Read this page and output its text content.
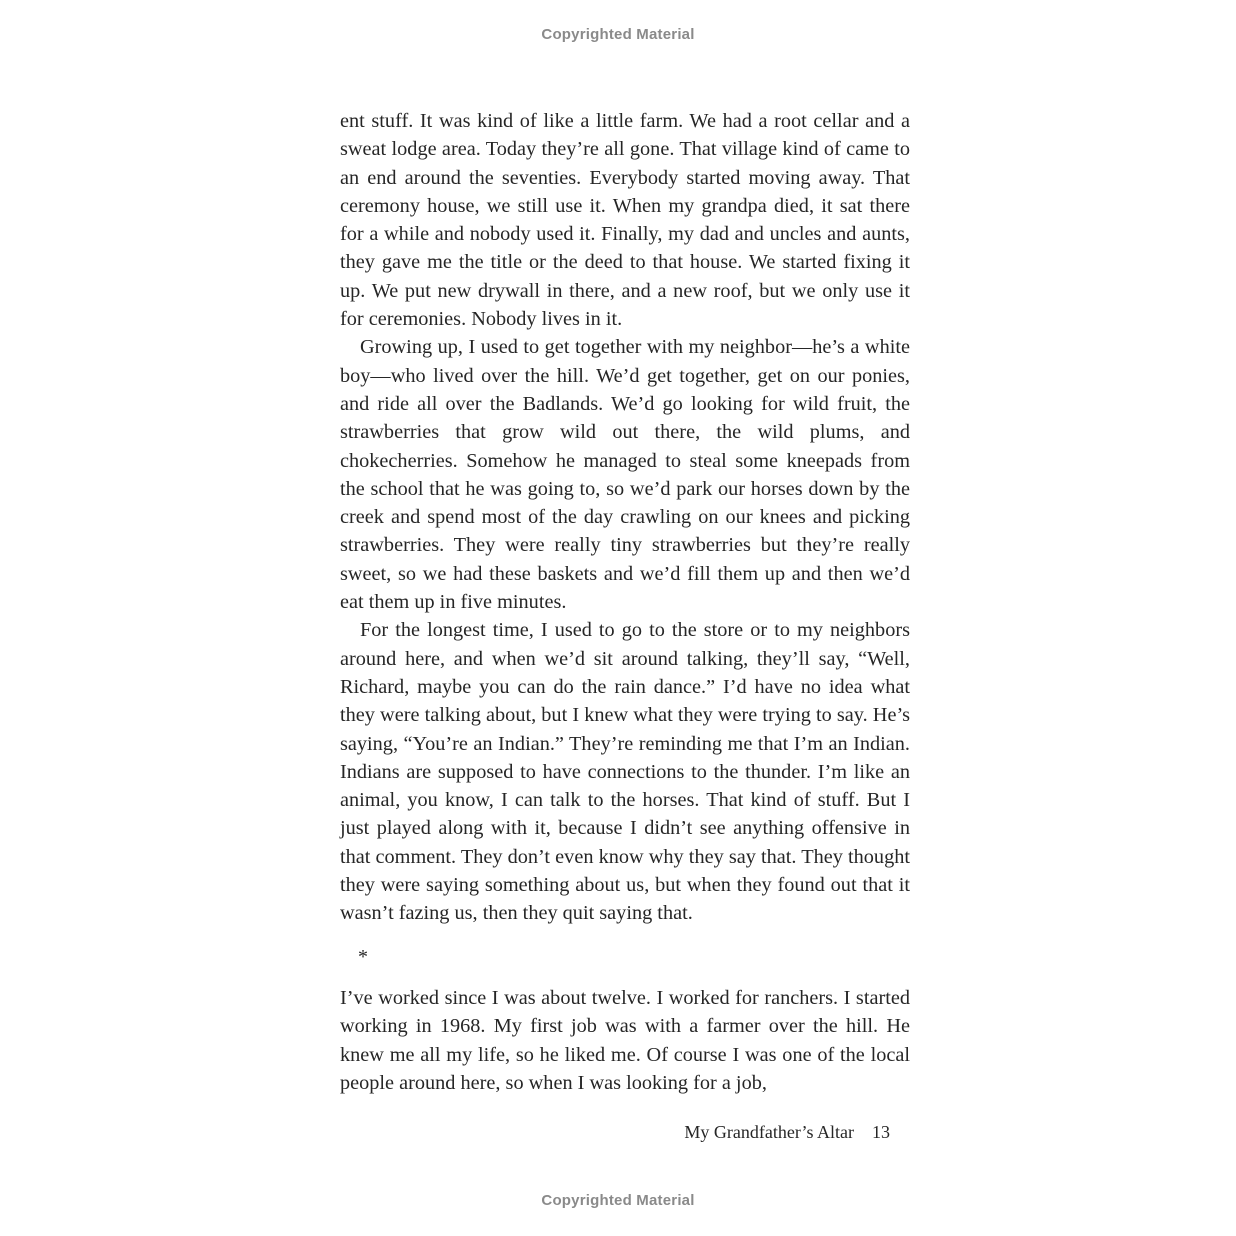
Copyrighted Material

ent stuff. It was kind of like a little farm. We had a root cellar and a sweat lodge area. Today they’re all gone. That village kind of came to an end around the seventies. Everybody started moving away. That ceremony house, we still use it. When my grandpa died, it sat there for a while and nobody used it. Finally, my dad and uncles and aunts, they gave me the title or the deed to that house. We started fixing it up. We put new drywall in there, and a new roof, but we only use it for ceremonies. Nobody lives in it.

Growing up, I used to get together with my neighbor—he’s a white boy—who lived over the hill. We’d get together, get on our ponies, and ride all over the Badlands. We’d go looking for wild fruit, the strawberries that grow wild out there, the wild plums, and chokecherries. Somehow he managed to steal some kneepads from the school that he was going to, so we’d park our horses down by the creek and spend most of the day crawling on our knees and picking strawberries. They were really tiny strawberries but they’re really sweet, so we had these baskets and we’d fill them up and then we’d eat them up in five minutes.

For the longest time, I used to go to the store or to my neighbors around here, and when we’d sit around talking, they’ll say, “Well, Richard, maybe you can do the rain dance.” I’d have no idea what they were talking about, but I knew what they were trying to say. He’s saying, “You’re an Indian.” They’re reminding me that I’m an Indian. Indians are supposed to have connections to the thunder. I’m like an animal, you know, I can talk to the horses. That kind of stuff. But I just played along with it, because I didn’t see anything offensive in that comment. They don’t even know why they say that. They thought they were saying something about us, but when they found out that it wasn’t fazing us, then they quit saying that.

*

I’ve worked since I was about twelve. I worked for ranchers. I started working in 1968. My first job was with a farmer over the hill. He knew me all my life, so he liked me. Of course I was one of the local people around here, so when I was looking for a job,

My Grandfather’s Altar 13
Copyrighted Material
